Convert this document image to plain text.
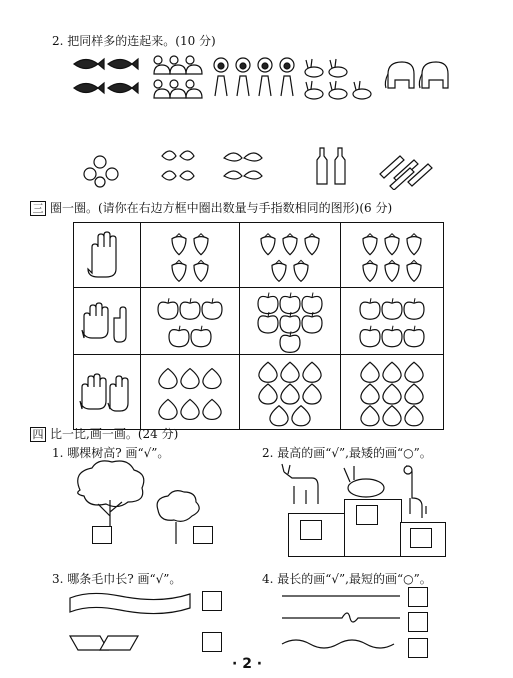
2. 把同样多的连起来。(10 分)
三 圈一圈。(请你在右边方框中圈出数量与手指数相同的图形)(6 分)

四 比一比,画一画。(24 分)
1. 哪棵树高? 画“√”。	2. 最高的画“√”,最矮的画“○”。
3. 哪条毛巾长? 画“√”。	4. 最长的画“√”,最短的画“○”。
· 2 ·
